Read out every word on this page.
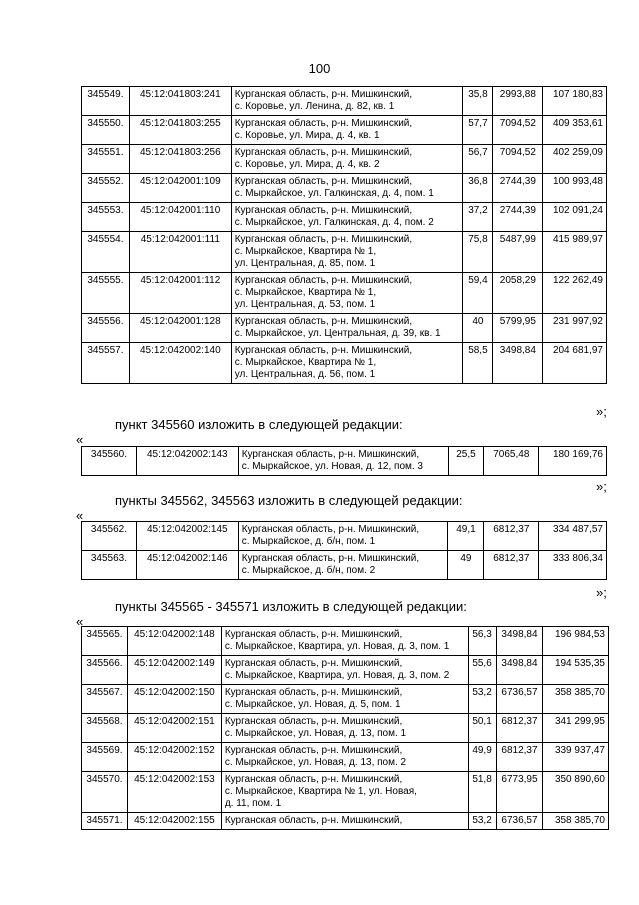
100
345549.	45:12:041803:241	Курганская область, р-н. Мишкинский,
с. Коровье, ул. Ленина, д. 82, кв. 1	35,8	2993,88	107 180,83
345550.	45:12:041803:255	Курганская область, р-н. Мишкинский,
с. Коровье, ул. Мира, д. 4, кв. 1	57,7	7094,52	409 353,61
345551.	45:12:041803:256	Курганская область, р-н. Мишкинский,
с. Коровье, ул. Мира, д. 4, кв. 2	56,7	7094,52	402 259,09
345552.	45:12:042001:109	Курганская область, р-н. Мишкинский,
с. Мыркайское, ул. Галкинская, д. 4, пом. 1	36,8	2744,39	100 993,48
345553.	45:12:042001:110	Курганская область, р-н. Мишкинский,
с. Мыркайское, ул. Галкинская, д. 4, пом. 2	37,2	2744,39	102 091,24
345554.	45:12:042001:111	Курганская область, р-н. Мишкинский,
с. Мыркайское, Квартира № 1,
ул. Центральная, д. 85, пом. 1	75,8	5487,99	415 989,97
345555.	45:12:042001:112	Курганская область, р-н. Мишкинский,
с. Мыркайское, Квартира № 1,
ул. Центральная, д. 53, пом. 1	59,4	2058,29	122 262,49
345556.	45:12:042001:128	Курганская область, р-н. Мишкинский,
с. Мыркайское, ул. Центральная, д. 39, кв. 1	40	5799,95	231 997,92
345557.	45:12:042002:140	Курганская область, р-н. Мишкинский,
с. Мыркайское, Квартира № 1,
ул. Центральная, д. 56, пом. 1	58,5	3498,84	204 681,97
»;
пункт 345560 изложить в следующей редакции:
«
345560.	45:12:042002:143	Курганская область, р-н. Мишкинский,
с. Мыркайское, ул. Новая, д. 12, пом. 3
	25,5	7065,48	180 169,76
»;
пункты 345562, 345563 изложить в следующей редакции:
«
345562.	45:12:042002:145	Курганская область, р-н. Мишкинский,
с. Мыркайское, д. б/н, пом. 1	49,1	6812,37	334 487,57
345563.	45:12:042002:146	Курганская область, р-н. Мишкинский,
с. Мыркайское, д. б/н, пом. 2	49	6812,37	333 806,34
»;
пункты 345565 - 345571 изложить в следующей редакции:
«
345565.	45:12:042002:148	Курганская область, р-н. Мишкинский,
с. Мыркайское, Квартира, ул. Новая, д. 3, пом. 1	56,3	3498,84	196 984,53
345566.	45:12:042002:149	Курганская область, р-н. Мишкинский,
с. Мыркайское, Квартира, ул. Новая, д. 3, пом. 2	55,6	3498,84	194 535,35
345567.	45:12:042002:150	Курганская область, р-н. Мишкинский,
с. Мыркайское, ул. Новая, д. 5, пом. 1	53,2	6736,57	358 385,70
345568.	45:12:042002:151	Курганская область, р-н. Мишкинский,
с. Мыркайское, ул. Новая, д. 13, пом. 1	50,1	6812,37	341 299,95
345569.	45:12:042002:152	Курганская область, р-н. Мишкинский,
с. Мыркайское, ул. Новая, д. 13, пом. 2	49,9	6812,37	339 937,47
345570.	45:12:042002:153	Курганская область, р-н. Мишкинский,
с. Мыркайское, Квартира № 1, ул. Новая,
д. 11, пом. 1	51,8	6773,95	350 890,60
345571.	45:12:042002:155	Курганская область, р-н. Мишкинский,	53,2	6736,57	358 385,70
